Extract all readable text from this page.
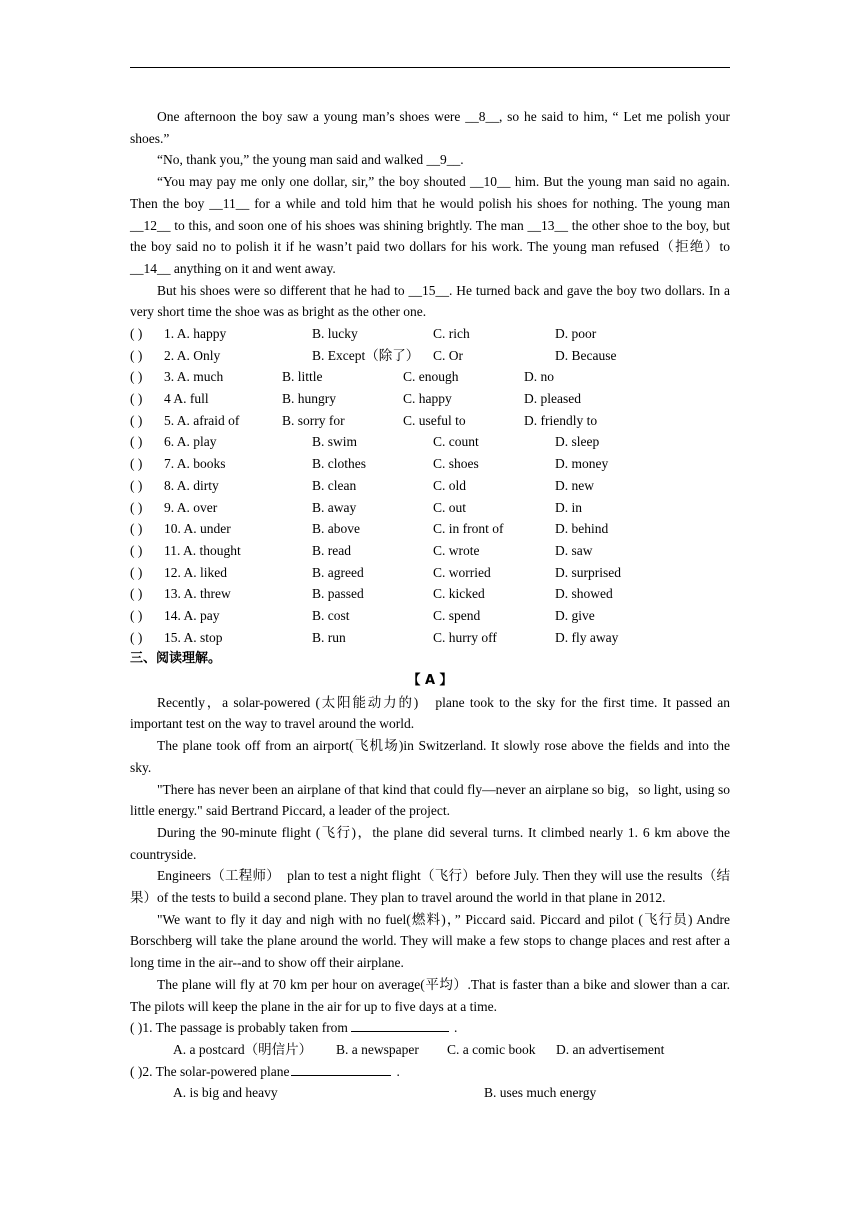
One afternoon the boy saw a young man’s shoes were __8__, so he said to him, “ Let me polish your shoes.”

“No, thank you,” the young man said and walked __9__.

“You may pay me only one dollar, sir,” the boy shouted __10__ him. But the young man said no again. Then the boy __11__ for a while and told him that he would polish his shoes for nothing. The young man __12__ to this, and soon one of his shoes was shining brightly. The man __13__ the other shoe to the boy, but the boy said no to polish it if he wasn’t paid two dollars for his work. The young man refused（拒绝）to __14__ anything on it and went away.

But his shoes were so different that he had to __15__. He turned back and gave the boy two dollars. In a very short time the shoe was as bright as the other one.

( ) 1. A. happy	B. lucky	C. rich	D. poor
( ) 2. A. Only	B. Except（除了） C. Or	D. Because
( ) 3. A. much	B. little	C. enough	D. no
( ) 4 A. full	B. hungry	C. happy	D. pleased
( ) 5. A. afraid of	B. sorry for	C. useful to	D. friendly to
( ) 6. A. play	B. swim	C. count	D. sleep
( ) 7. A. books	B. clothes	C. shoes	D. money
( ) 8. A. dirty	B. clean	C. old	D. new
( ) 9. A. over	B. away	C. out	D. in
( ) 10. A. under	B. above	C. in front of	D. behind
( ) 11. A. thought	B. read	C. wrote	D. saw
( ) 12. A. liked	B. agreed	C. worried	D. surprised
( ) 13. A. threw	B. passed	C. kicked	D. showed
( ) 14. A. pay	B. cost	C. spend	D. give
( ) 15. A. stop	B. run	C. hurry off	D. fly away
三、阅读理解。
【 A 】

Recently，a solar-powered (太阳能动力的)　plane took to the sky for the first time. It passed an important test on the way to travel around the world.

The plane took off from an airport(飞机场)in Switzerland. It slowly rose above the fields and into the sky.

"There has never been an airplane of that kind that could fly—never an airplane so big，so light, using so little energy." said Bertrand Piccard, a leader of the project.

During the 90-minute flight (飞行)，the plane did several turns. It climbed nearly 1. 6 km above the countryside.

Engineers（工程师）　plan to test a night flight（飞行）before July. Then they will use the results（结果）of the tests to build a second plane. They plan to travel around the world in that plane in 2012.

"We want to fly it day and nigh with no fuel(燃料)，” Piccard said. Piccard and pilot (飞行员) Andre Borschberg will take the plane around the world. They will make a few stops to change places and rest after a long time in the air--and to show off their airplane.

The plane will fly at 70 km per hour on average(平均）.That is faster than a bike and slower than a car. The pilots will keep the plane in the air for up to five days at a time.

( )1. The passage is probably taken from	.
A. a postcard（明信片） B. a newspaper C. a comic book D. an advertisement
( )2. The solar-powered plane	.
A. is big and heavy	B. uses much energy
